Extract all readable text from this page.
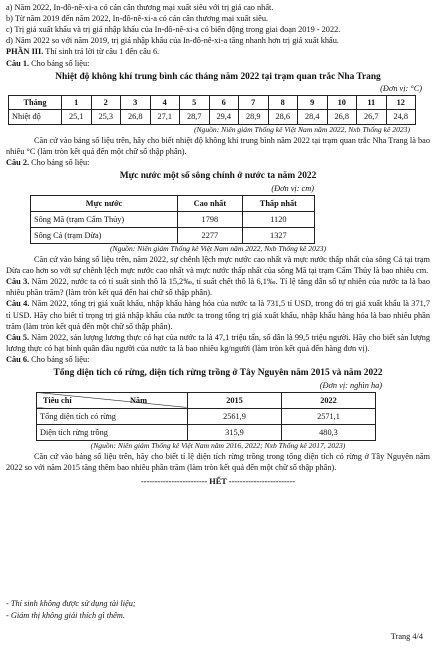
a) Năm 2022, In-đô-nê-xi-a có cán cân thương mại xuất siêu với trị giá cao nhất.

b) Từ năm 2019 đến năm 2022, In-đô-nê-xi-a có cán cân thương mại xuất siêu.

c) Trị giá xuất khẩu và trị giá nhập khẩu của In-đô-nê-xi-a có biến động trong giai đoạn 2019 - 2022.

d) Năm 2022 so với năm 2019, trị giá nhập khẩu của In-đô-nê-xi-a tăng nhanh hơn trị giá xuất khẩu.

PHẦN III. Thí sinh trả lời từ câu 1 đến câu 6.

Câu 1. Cho bảng số liệu:

Nhiệt độ không khí trung bình các tháng năm 2022 tại trạm quan trắc Nha Trang

(Đơn vị: °C)

Tháng	1	2	3	4	5	6	7	8	9	10	11	12
Nhiệt độ	25,1	25,3	26,8	27,1	28,7	29,4	28,9	28,6	28,4	26,8	26,7	24,8

(Nguồn: Niên giám Thống kê Việt Nam năm 2022, Nxb Thống kê 2023)

Căn cứ vào bảng số liệu trên, hãy cho biết nhiệt độ không khí trung bình năm 2022 tại trạm quan trắc Nha Trang là bao nhiêu °C (làm tròn kết quả đến một chữ số thập phân).

Câu 2. Cho bảng số liệu:

Mực nước một số sông chính ở nước ta năm 2022

(Đơn vị: cm)

Mực nước	Cao nhất	Thấp nhất
Sông Mã (trạm Cẩm Thủy)	1798	1120
Sông Cả (trạm Dừa)	2277	1327

(Nguồn: Niên giám Thống kê Việt Nam năm 2022, Nxb Thống kê 2023)

Căn cứ vào bảng số liệu trên, năm 2022, sự chênh lệch mực nước cao nhất và mực nước thấp nhất của sông Cả tại trạm Dừa cao hơn so với sự chênh lệch mực nước cao nhất và mực nước thấp nhất của sông Mã tại trạm Cẩm Thủy là bao nhiêu cm.

Câu 3. Năm 2022, nước ta có tỉ suất sinh thô là 15,2‰, tỉ suất chết thô là 6,1‰. Tỉ lệ tăng dân số tự nhiên của nước ta là bao nhiêu phần trăm? (làm tròn kết quả đến hai chữ số thập phân).

Câu 4. Năm 2022, tổng trị giá xuất khẩu, nhập khẩu hàng hóa của nước ta là 731,5 tỉ USD, trong đó trị giá xuất khẩu là 371,7 tỉ USD. Hãy cho biết tỉ trọng trị giá nhập khẩu của nước ta trong tổng trị giá xuất khẩu, nhập khẩu hàng hóa là bao nhiêu phần trăm (làm tròn kết quả đến một chữ số thập phân).

Câu 5. Năm 2022, sản lượng lương thực có hạt của nước ta là 47,1 triệu tấn, số dân là 99,5 triệu người. Hãy cho biết sản lượng lương thực có hạt bình quân đầu người của nước ta là bao nhiêu kg/người (làm tròn kết quả đến hàng đơn vị).

Câu 6. Cho bảng số liệu:

Tổng diện tích có rừng, diện tích rừng trồng ở Tây Nguyên năm 2015 và năm 2022

(Đơn vị: nghìn ha)

Năm
Tiêu chí	2015	2022
Tổng diện tích có rừng	2561,9	2571,1
Diện tích rừng trồng	315,9	480,3

(Nguồn: Niên giám Thống kê Việt Nam năm 2016, 2022; Nxb Thống kê 2017, 2023)

Căn cứ vào bảng số liệu trên, hãy cho biết tỉ lệ diện tích rừng trồng trong tổng diện tích có rừng ở Tây Nguyên năm 2022 so với năm 2015 tăng thêm bao nhiêu phần trăm (làm tròn kết quả đến một chữ số thập phân).

------------------------ HẾT ------------------------

- Thí sinh không được sử dụng tài liệu;

- Giám thị không giải thích gì thêm.

Trang 4/4
